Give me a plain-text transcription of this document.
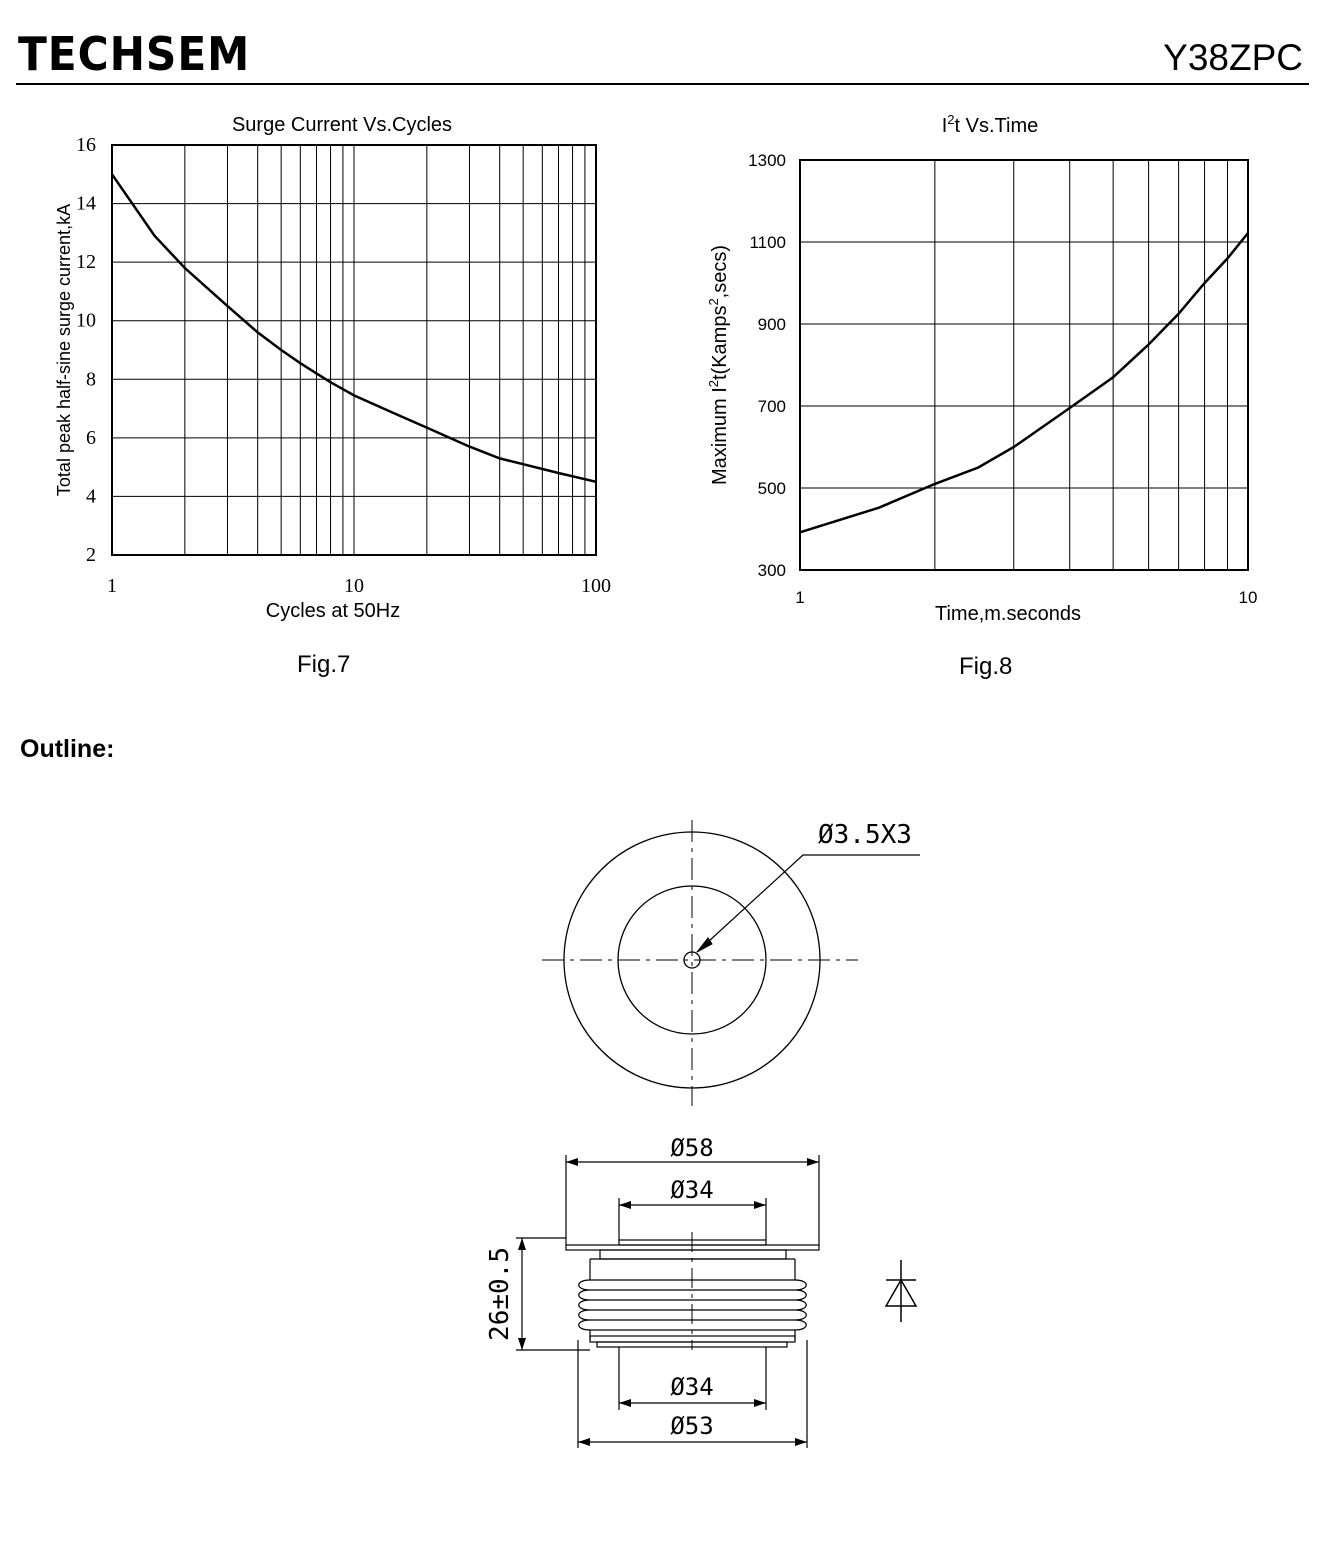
TECHSEM	Y38ZPC
Surge Current Vs.Cycles
2
4
6
8
10
12
14
16
1	10	100
Cycles at 50Hz
Total peak half-sine surge current,kA
Fig.7
$I^2t$ Vs.Time
300
500
700
900
1100
1300
1	10
Time,m.seconds
Maximum $I^2t(Kamps^2,\sec s)$
Fig.8
Outline:
Ø3.5X3
Ø58
Ø34
Ø34
Ø53
26±0.5
